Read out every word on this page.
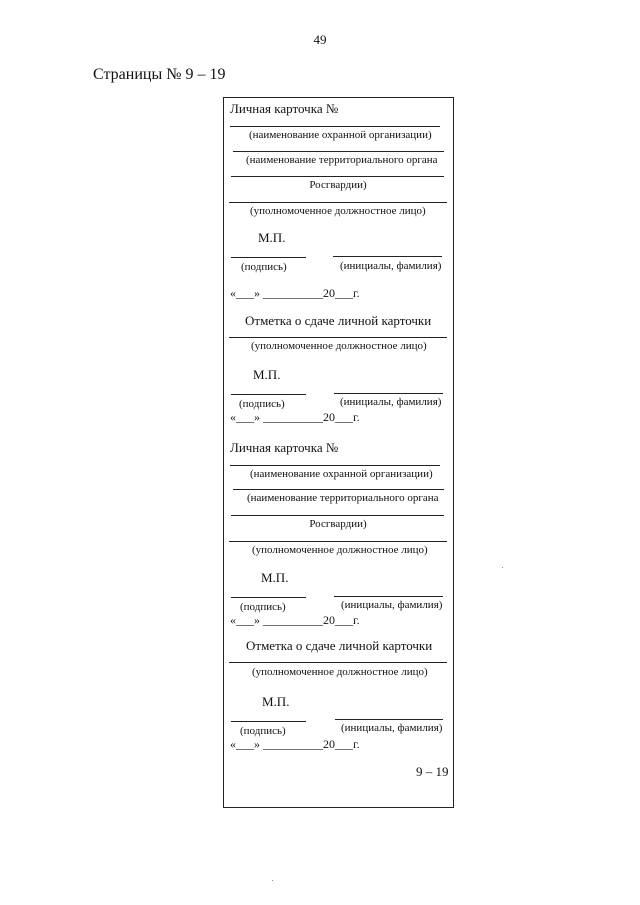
49
Страницы № 9 – 19
Личная карточка №
(наименование охранной организации)
(наименование территориального органа
Росгвардии)
(уполномоченное должностное лицо)
М.П.
(подпись)	(инициалы, фамилия)
«___» __________20___г.
Отметка о сдаче личной карточки
(уполномоченное должностное лицо)
М.П.
(подпись)	(инициалы, фамилия)
«___» __________20___г.
Личная карточка №
(наименование охранной организации)
(наименование территориального органа
Росгвардии)
(уполномоченное должностное лицо)
М.П.
(подпись)	(инициалы, фамилия)
«___» __________20___г.
Отметка о сдаче личной карточки
(уполномоченное должностное лицо)
М.П.
(подпись)	(инициалы, фамилия)
«___» __________20___г.
9 – 19
